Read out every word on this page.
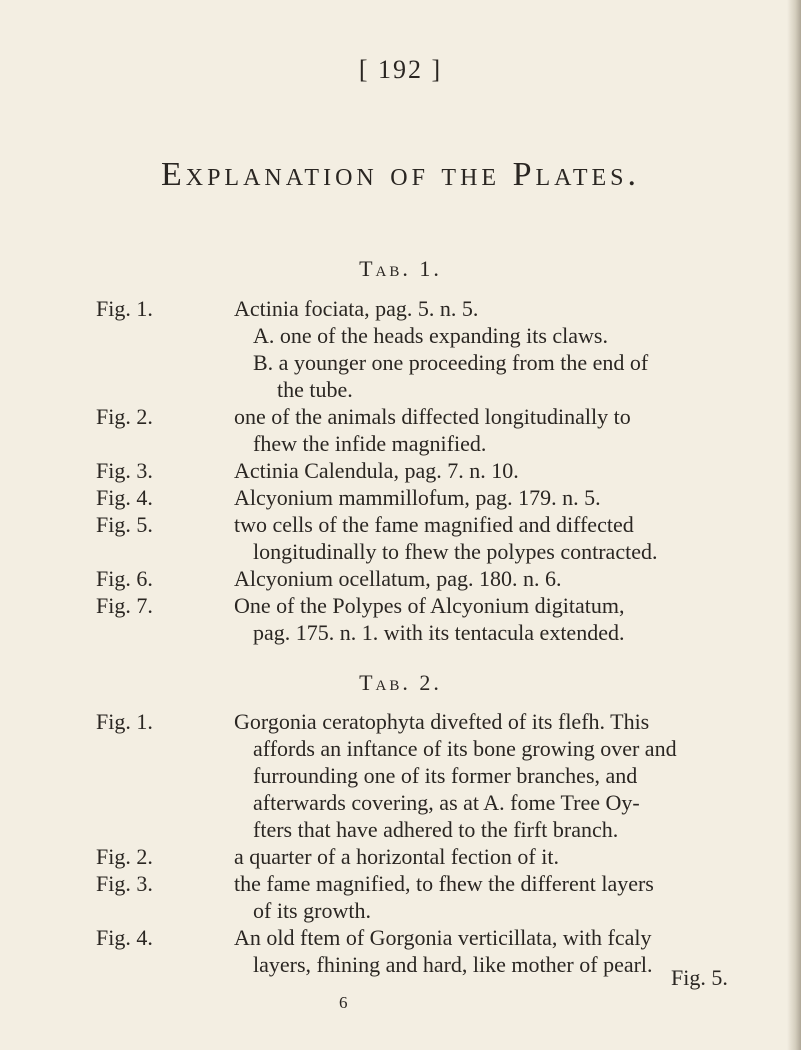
[ 192 ]
Explanation of the Plates.
Tab. 1.
Fig. 1.	Actinia fociata, pag. 5. n. 5.
A. one of the heads expanding its claws.
B. a younger one proceeding from the end of
the tube.
Fig. 2.	one of the animals diffected longitudinally to
fhew the infide magnified.
Fig. 3.	Actinia Calendula, pag. 7. n. 10.
Fig. 4.	Alcyonium mammillofum, pag. 179. n. 5.
Fig. 5.	two cells of the fame magnified and diffected
longitudinally to fhew the polypes contracted.
Fig. 6.	Alcyonium ocellatum, pag. 180. n. 6.
Fig. 7.	One of the Polypes of Alcyonium digitatum,
pag. 175. n. 1. with its tentacula extended.
Tab. 2.
Fig. 1.	Gorgonia ceratophyta divefted of its flefh. This
affords an inftance of its bone growing over and
furrounding one of its former branches, and
afterwards covering, as at A. fome Tree Oy-
fters that have adhered to the firft branch.
Fig. 2.	a quarter of a horizontal fection of it.
Fig. 3.	the fame magnified, to fhew the different layers
of its growth.
Fig. 4.	An old ftem of Gorgonia verticillata, with fcaly
layers, fhining and hard, like mother of pearl.
Fig. 5.
6
